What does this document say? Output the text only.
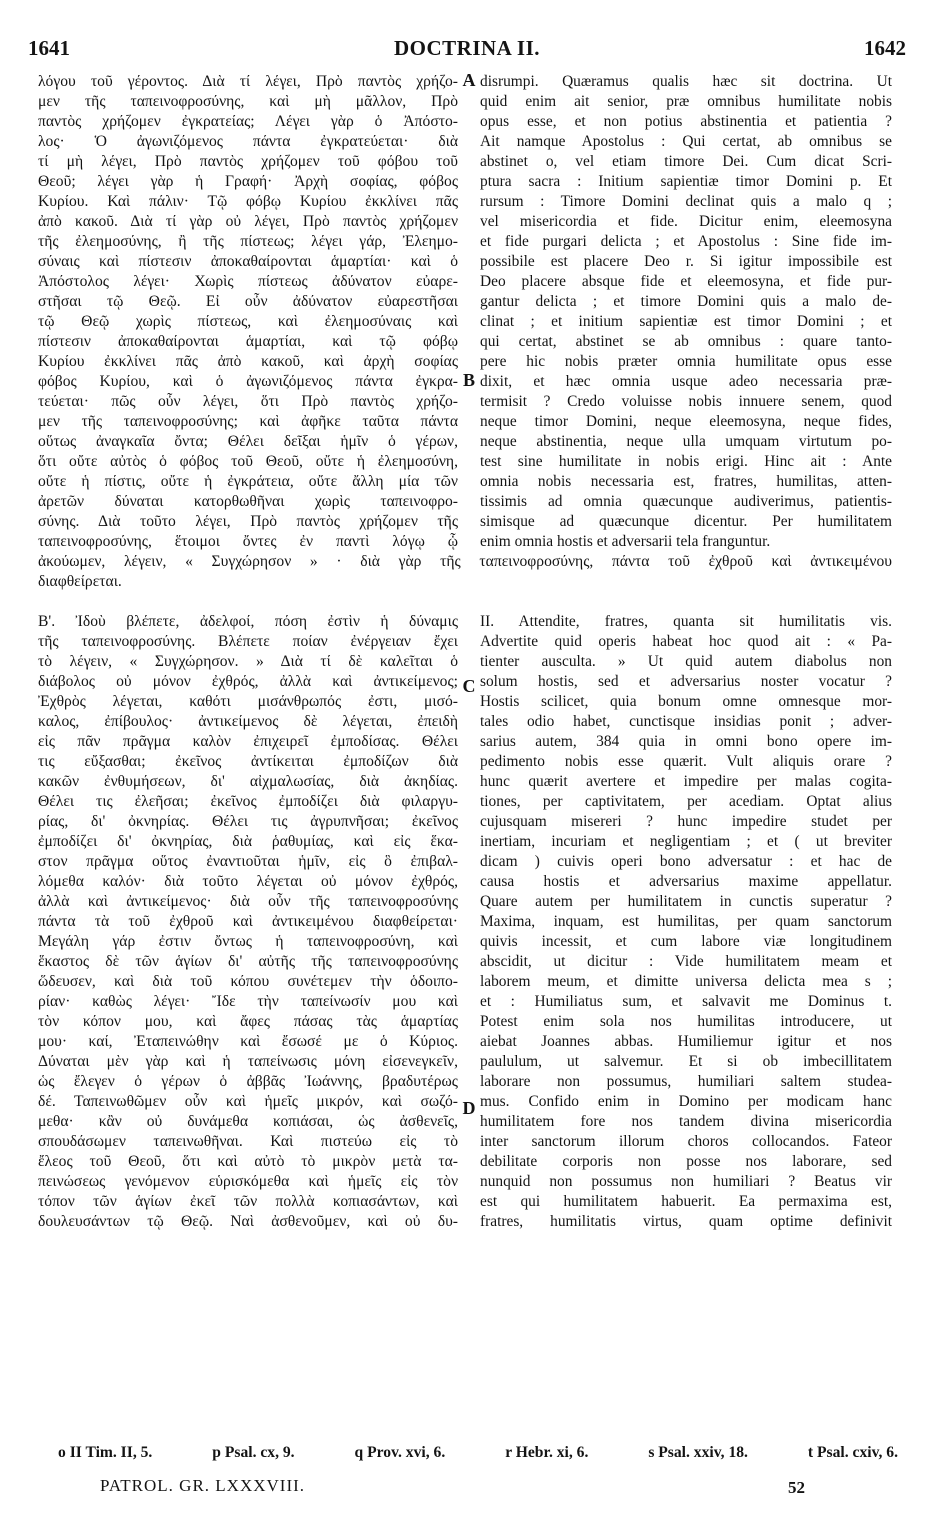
1641	DOCTRINA II.	1642
λόγου τοῦ γέροντος. Διὰ τί λέγει, Πρὸ παντὸς χρήζο-
μεν τῆς ταπεινοφροσύνης, καὶ μὴ μᾶλλον, Πρὸ
παντὸς χρήζομεν ἐγκρατείας; Λέγει γὰρ ὁ Ἀπόστο-
λος· Ὁ ἀγωνιζόμενος πάντα ἐγκρατεύεται· διὰ
τί μὴ λέγει, Πρὸ παντὸς χρήζομεν τοῦ φόβου τοῦ
Θεοῦ; λέγει γὰρ ἡ Γραφή· Ἀρχὴ σοφίας, φόβος
Κυρίου. Καὶ πάλιν· Τῷ φόβῳ Κυρίου ἐκκλίνει πᾶς
ἀπὸ κακοῦ. Διὰ τί γὰρ οὐ λέγει, Πρὸ παντὸς χρήζομεν
τῆς ἐλεημοσύνης, ἢ τῆς πίστεως; λέγει γάρ, Ἐλεημο-
σύναις καὶ πίστεσιν ἀποκαθαίρονται ἁμαρτίαι· καὶ ὁ
Ἀπόστολος λέγει· Χωρὶς πίστεως ἀδύνατον εὐαρε-
στῆσαι τῷ Θεῷ. Εἰ οὖν ἀδύνατον εὐαρεστῆσαι
τῷ Θεῷ χωρὶς πίστεως, καὶ ἐλεημοσύναις καὶ
πίστεσιν ἀποκαθαίρονται ἁμαρτίαι, καὶ τῷ φόβῳ
Κυρίου ἐκκλίνει πᾶς ἀπὸ κακοῦ, καὶ ἀρχὴ σοφίας
φόβος Κυρίου, καὶ ὁ ἀγωνιζόμενος πάντα ἐγκρα-
τεύεται· πῶς οὖν λέγει, ὅτι Πρὸ παντὸς χρήζο-
μεν τῆς ταπεινοφροσύνης; καὶ ἀφῆκε ταῦτα πάντα
οὕτως ἀναγκαῖα ὄντα; Θέλει δεῖξαι ἡμῖν ὁ γέρων,
ὅτι οὔτε αὐτὸς ὁ φόβος τοῦ Θεοῦ, οὔτε ἡ ἐλεημοσύνη,
οὔτε ἡ πίστις, οὔτε ἡ ἐγκράτεια, οὔτε ἄλλη μία τῶν
ἀρετῶν δύναται κατορθωθῆναι χωρὶς ταπεινοφρο-
σύνης. Διὰ τοῦτο λέγει, Πρὸ παντὸς χρήζομεν τῆς
ταπεινοφροσύνης, ἕτοιμοι ὄντες ἐν παντὶ λόγῳ ᾧ
disrumpi. Quæramus qualis hæc sit doctrina. Ut
quid enim ait senior, præ omnibus humilitate nobis
opus esse, et non potius abstinentia et patientia ?
Ait namque Apostolus : Qui certat, ab omnibus se
abstinet o, vel etiam timore Dei. Cum dicat Scri-
ptura sacra : Initium sapientiæ timor Domini p. Et
rursum : Timore Domini declinat quis a malo q ;
vel misericordia et fide. Dicitur enim, eleemosyna
et fide purgari delicta ; et Apostolus : Sine fide im-
possibile est placere Deo r. Si igitur impossibile est
Deo placere absque fide et eleemosyna, et fide pur-
gantur delicta ; et timore Domini quis a malo de-
clinat ; et initium sapientiæ est timor Domini ; et
qui certat, abstinet se ab omnibus : quare tanto-
pere hic nobis præter omnia humilitate opus esse
dixit, et hæc omnia usque adeo necessaria præ-
termisit ? Credo voluisse nobis innuere senem, quod
neque timor Domini, neque eleemosyna, neque fides,
neque abstinentia, neque ulla umquam virtutum po-
test sine humilitate in nobis erigi. Hinc ait : Ante
omnia nobis necessaria est, fratres, humilitas, atten-
tissimis ad omnia quæcunque audiverimus, patientis-
simisque ad quæcunque dicentur. Per humilitatem
enim omnia hostis et adversarii tela franguntur.
ἀκούωμεν, λέγειν, « Συγχώρησον » · διὰ γὰρ τῆς ταπεινοφροσύνης, πάντα τοῦ ἐχθροῦ καὶ ἀντικειμένου
διαφθείρεται.
Β'. Ἰδοὺ βλέπετε, ἀδελφοί, πόση ἐστὶν ἡ δύναμις
τῆς ταπεινοφροσύνης. Βλέπετε ποίαν ἐνέργειαν ἔχει
τὸ λέγειν, « Συγχώρησον. » Διὰ τί δὲ καλεῖται ὁ
διάβολος οὐ μόνον ἐχθρός, ἀλλὰ καὶ ἀντικείμενος;
Ἐχθρὸς λέγεται, καθότι μισάνθρωπός ἐστι, μισό-
καλος, ἐπίβουλος· ἀντικείμενος δὲ λέγεται, ἐπειδὴ
εἰς πᾶν πρᾶγμα καλὸν ἐπιχειρεῖ ἐμποδίσας. Θέλει
τις εὔξασθαι; ἐκεῖνος ἀντίκειται ἐμποδίζων διὰ
κακῶν ἐνθυμήσεων, δι' αἰχμαλωσίας, διὰ ἀκηδίας.
Θέλει τις ἐλεῆσαι; ἐκεῖνος ἐμποδίζει διὰ φιλαργυ-
ρίας, δι' ὀκνηρίας. Θέλει τις ἀγρυπνῆσαι; ἐκεῖνος
ἐμποδίζει δι' ὀκνηρίας, διὰ ῥαθυμίας, καὶ εἰς ἕκα-
στον πρᾶγμα οὕτος ἐναντιοῦται ἡμῖν, εἰς ὃ ἐπιβαλ-
λόμεθα καλόν· διὰ τοῦτο λέγεται οὐ μόνον ἐχθρός,
ἀλλὰ καὶ ἀντικείμενος· διὰ οὖν τῆς ταπεινοφροσύνης
πάντα τὰ τοῦ ἐχθροῦ καὶ ἀντικειμένου διαφθείρεται·
Μεγάλη γάρ ἐστιν ὄντως ἡ ταπεινοφροσύνη, καὶ
ἕκαστος δὲ τῶν ἁγίων δι' αὐτῆς τῆς ταπεινοφροσύνης
ὥδευσεν, καὶ διὰ τοῦ κόπου συνέτεμεν τὴν ὁδοιπο-
ρίαν· καθὼς λέγει· Ἴδε τὴν ταπείνωσίν μου καὶ
τὸν κόπον μου, καὶ ἄφες πάσας τὰς ἁμαρτίας
μου· καί, Ἐταπεινώθην καὶ ἔσωσέ με ὁ Κύριος.
Δύναται μὲν γὰρ καὶ ἡ ταπείνωσις μόνη εἰσενεγκεῖν,
ὡς ἔλεγεν ὁ γέρων ὁ ἀββᾶς Ἰωάννης, βραδυτέρως
δέ. Ταπεινωθῶμεν οὖν καὶ ἡμεῖς μικρόν, καὶ σωζό-
μεθα· κἂν οὐ δυνάμεθα κοπιάσαι, ὡς ἀσθενεῖς,
σπουδάσωμεν ταπεινωθῆναι. Καὶ πιστεύω εἰς τὸ
ἔλεος τοῦ Θεοῦ, ὅτι καὶ αὐτὸ τὸ μικρὸν μετὰ τα-
πεινώσεως γενόμενον εὑρισκόμεθα καὶ ἡμεῖς εἰς τὸν
τόπον τῶν ἁγίων ἐκεῖ τῶν πολλὰ κοπιασάντων, καὶ
δουλευσάντων τῷ Θεῷ. Ναὶ ἀσθενοῦμεν, καὶ οὐ δυ-
II. Attendite, fratres, quanta sit humilitatis vis.
Advertite quid operis habeat hoc quod ait : « Pa-
tienter ausculta. » Ut quid autem diabolus non
solum hostis, sed et adversarius noster vocatur ?
Hostis scilicet, quia bonum omne omnesque mor-
tales odio habet, cunctisque insidias ponit ; adver-
sarius autem, 384 quia in omni bono opere im-
pedimento nobis esse quærit. Vult aliquis orare ?
hunc quærit avertere et impedire per malas cogita-
tiones, per captivitatem, per acediam. Optat alius
cujusquam misereri ? hunc impedire studet per
inertiam, incuriam et negligentiam ; et ( ut breviter
dicam ) cuivis operi bono adversatur : et hac de
causa hostis et adversarius maxime appellatur.
Quare autem per humilitatem in cunctis superatur ?
Maxima, inquam, est humilitas, per quam sanctorum
quivis incessit, et cum labore viæ longitudinem
abscidit, ut dicitur : Vide humilitatem meam et
laborem meum, et dimitte universa delicta mea s ;
et : Humiliatus sum, et salvavit me Dominus t.
Potest enim sola nos humilitas introducere, ut
aiebat Joannes abbas. Humiliemur igitur et nos
paululum, ut salvemur. Et si ob imbecillitatem
laborare non possumus, humiliari saltem studea-
mus. Confido enim in Domino per modicam hanc
humilitatem fore nos tandem divina misericordia
inter sanctorum illorum choros collocandos. Fateor
debilitate corporis non posse nos laborare, sed
nunquid non possumus non humiliari ? Beatus vir
est qui humilitatem habuerit. Ea permaxima est,
fratres, humilitatis virtus, quam optime definivit
A
B
C
D
o II Tim. II, 5.	p Psal. cx, 9.	q Prov. xvi, 6.	r Hebr. xi, 6.	s Psal. xxiv, 18.	t Psal. cxiv, 6.
PATROL. GR. LXXXVIII.	52
